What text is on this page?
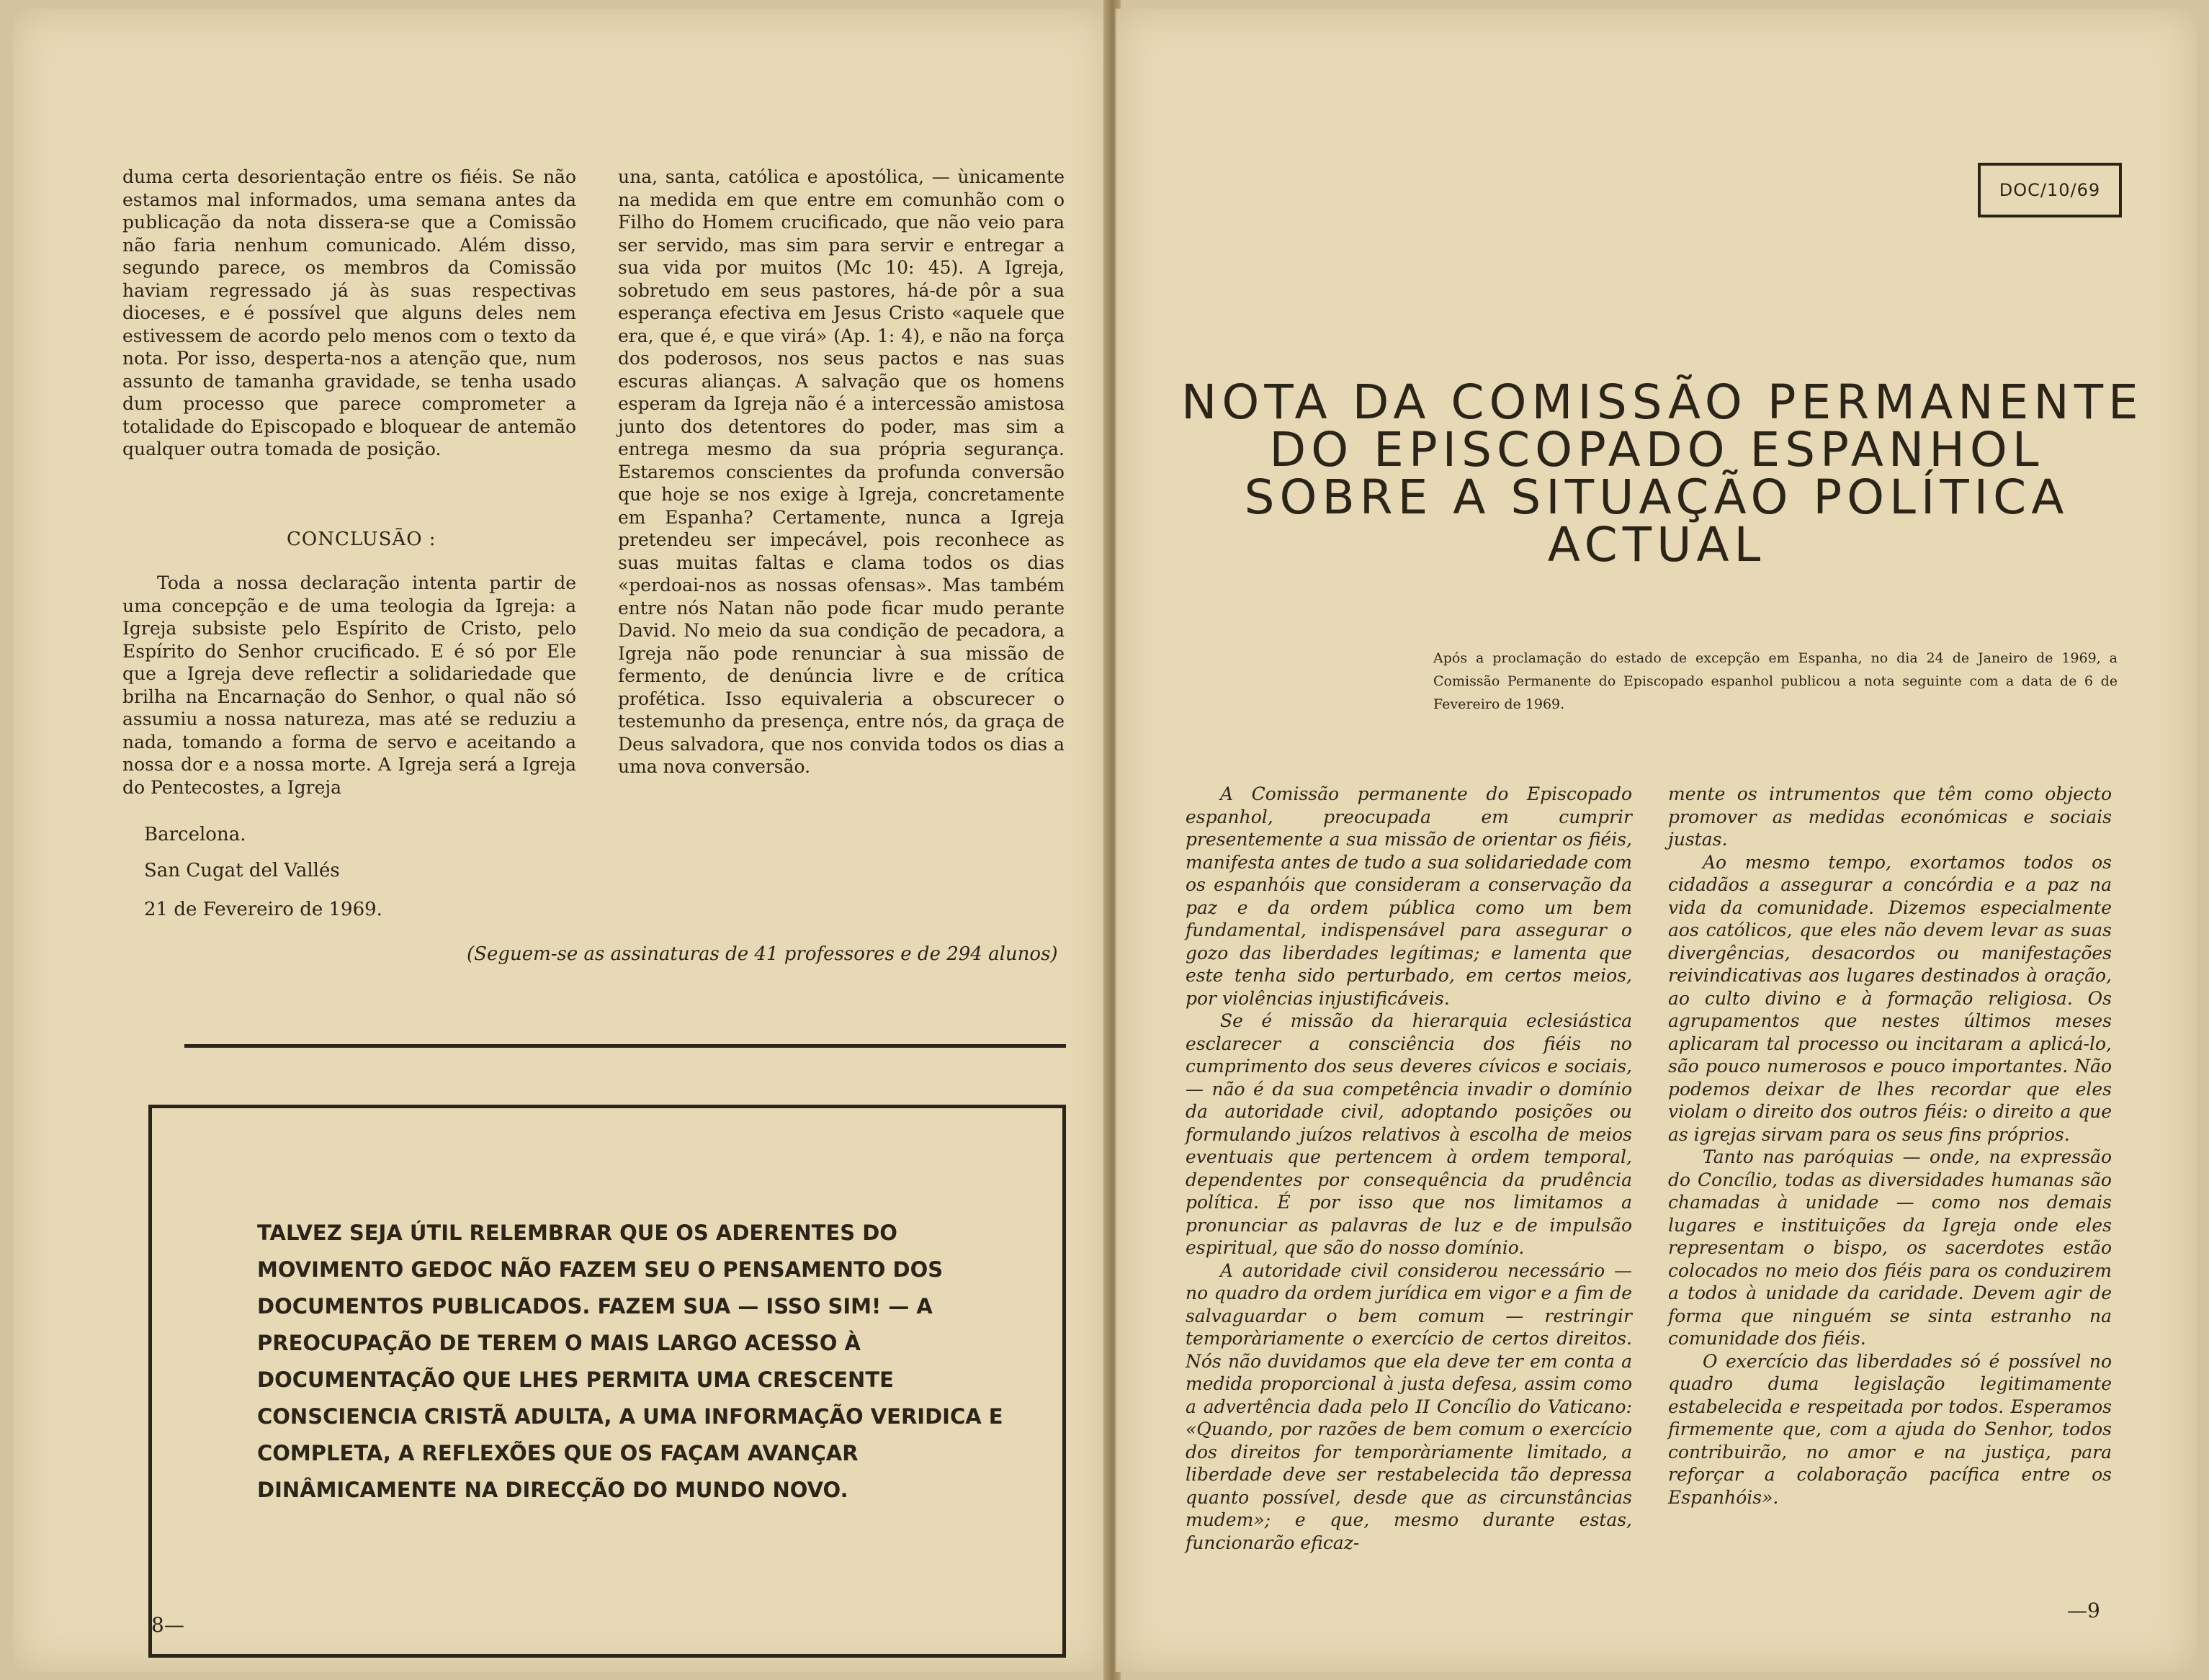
duma certa desorientação entre os fiéis. Se não estamos mal informados, uma semana antes da publicação da nota dissera-se que a Comissão não faria nenhum comunicado. Além disso, segundo parece, os membros da Comissão haviam regressado já às suas respectivas dioceses, e é possível que alguns deles nem estivessem de acordo pelo menos com o texto da nota. Por isso, desperta-nos a atenção que, num assunto de tamanha gravidade, se tenha usado dum processo que parece comprometer a totalidade do Episcopado e bloquear de antemão qualquer outra tomada de posição.

CONCLUSÃO :

Toda a nossa declaração intenta partir de uma concepção e de uma teologia da Igreja: a Igreja subsiste pelo Espírito de Cristo, pelo Espírito do Senhor crucificado. E é só por Ele que a Igreja deve reflectir a solidariedade que brilha na Encarnação do Senhor, o qual não só assumiu a nossa natureza, mas até se reduziu a nada, tomando a forma de servo e aceitando a nossa dor e a nossa morte. A Igreja será a Igreja do Pentecostes, a Igreja

una, santa, católica e apostólica, — ùnicamente na medida em que entre em comunhão com o Filho do Homem crucificado, que não veio para ser servido, mas sim para servir e entregar a sua vida por muitos (Mc 10: 45). A Igreja, sobretudo em seus pastores, há-de pôr a sua esperança efectiva em Jesus Cristo «aquele que era, que é, e que virá» (Ap. 1: 4), e não na força dos poderosos, nos seus pactos e nas suas escuras alianças. A salvação que os homens esperam da Igreja não é a intercessão amistosa junto dos detentores do poder, mas sim a entrega mesmo da sua própria segurança. Estaremos conscientes da profunda conversão que hoje se nos exige à Igreja, concretamente em Espanha? Certamente, nunca a Igreja pretendeu ser impecável, pois reconhece as suas muitas faltas e clama todos os dias «perdoai-nos as nossas ofensas». Mas também entre nós Natan não pode ficar mudo perante David. No meio da sua condição de pecadora, a Igreja não pode renunciar à sua missão de fermento, de denúncia livre e de crítica profética. Isso equivaleria a obscurecer o testemunho da presença, entre nós, da graça de Deus salvadora, que nos convida todos os dias a uma nova conversão.

Barcelona.
San Cugat del Vallés
21 de Fevereiro de 1969.
(Seguem-se as assinaturas de 41 professores e de 294 alunos)
TALVEZ SEJA ÚTIL RELEMBRAR QUE OS ADERENTES DO MOVIMENTO GEDOC NÃO FAZEM SEU O PENSAMENTO DOS DOCUMENTOS PUBLICADOS. FAZEM SUA — ISSO SIM! — A PREOCUPAÇÃO DE TEREM O MAIS LARGO ACESSO À DOCUMENTAÇÃO QUE LHES PERMITA UMA CRESCENTE CONSCIENCIA CRISTÃ ADULTA, A UMA INFORMAÇÃO VERIDICA E COMPLETA, A REFLEXÕES QUE OS FAÇAM AVANÇAR DINÂMICAMENTE NA DIRECÇÃO DO MUNDO NOVO.
8—
DOC/10/69
NOTA DA COMISSÃO PERMANENTE
DO EPISCOPADO ESPANHOL
SOBRE A SITUAÇÃO POLÍTICA
ACTUAL
Após a proclamação do estado de excepção em Espanha, no dia 24 de Janeiro de 1969, a Comissão Permanente do Episcopado espanhol publicou a nota seguinte com a data de 6 de Fevereiro de 1969.

A Comissão permanente do Episcopado espanhol, preocupada em cumprir presentemente a sua missão de orientar os fiéis, manifesta antes de tudo a sua solidariedade com os espanhóis que consideram a conservação da paz e da ordem pública como um bem fundamental, indispensável para assegurar o gozo das liberdades legítimas; e lamenta que este tenha sido perturbado, em certos meios, por violências injustificáveis.

Se é missão da hierarquia eclesiástica esclarecer a consciência dos fiéis no cumprimento dos seus deveres cívicos e sociais, — não é da sua competência invadir o domínio da autoridade civil, adoptando posições ou formulando juízos relativos à escolha de meios eventuais que pertencem à ordem temporal, dependentes por consequência da prudência política. É por isso que nos limitamos a pronunciar as palavras de luz e de impulsão espiritual, que são do nosso domínio.

A autoridade civil considerou necessário — no quadro da ordem jurídica em vigor e a fim de salvaguardar o bem comum — restringir temporàriamente o exercício de certos direitos. Nós não duvidamos que ela deve ter em conta a medida proporcional à justa defesa, assim como a advertência dada pelo II Concílio do Vaticano: «Quando, por razões de bem comum o exercício dos direitos for temporàriamente limitado, a liberdade deve ser restabelecida tão depressa quanto possível, desde que as circunstâncias mudem»; e que, mesmo durante estas, funcionarão eficaz-

mente os intrumentos que têm como objecto promover as medidas económicas e sociais justas.

Ao mesmo tempo, exortamos todos os cidadãos a assegurar a concórdia e a paz na vida da comunidade. Dizemos especialmente aos católicos, que eles não devem levar as suas divergências, desacordos ou manifestações reivindicativas aos lugares destinados à oração, ao culto divino e à formação religiosa. Os agrupamentos que nestes últimos meses aplicaram tal processo ou incitaram a aplicá-lo, são pouco numerosos e pouco importantes. Não podemos deixar de lhes recordar que eles violam o direito dos outros fiéis: o direito a que as igrejas sirvam para os seus fins próprios.

Tanto nas paróquias — onde, na expressão do Concílio, todas as diversidades humanas são chamadas à unidade — como nos demais lugares e instituições da Igreja onde eles representam o bispo, os sacerdotes estão colocados no meio dos fiéis para os conduzirem a todos à unidade da caridade. Devem agir de forma que ninguém se sinta estranho na comunidade dos fiéis.

O exercício das liberdades só é possível no quadro duma legislação legitimamente estabelecida e respeitada por todos. Esperamos firmemente que, com a ajuda do Senhor, todos contribuirão, no amor e na justiça, para reforçar a colaboração pacífica entre os Espanhóis».

—9
